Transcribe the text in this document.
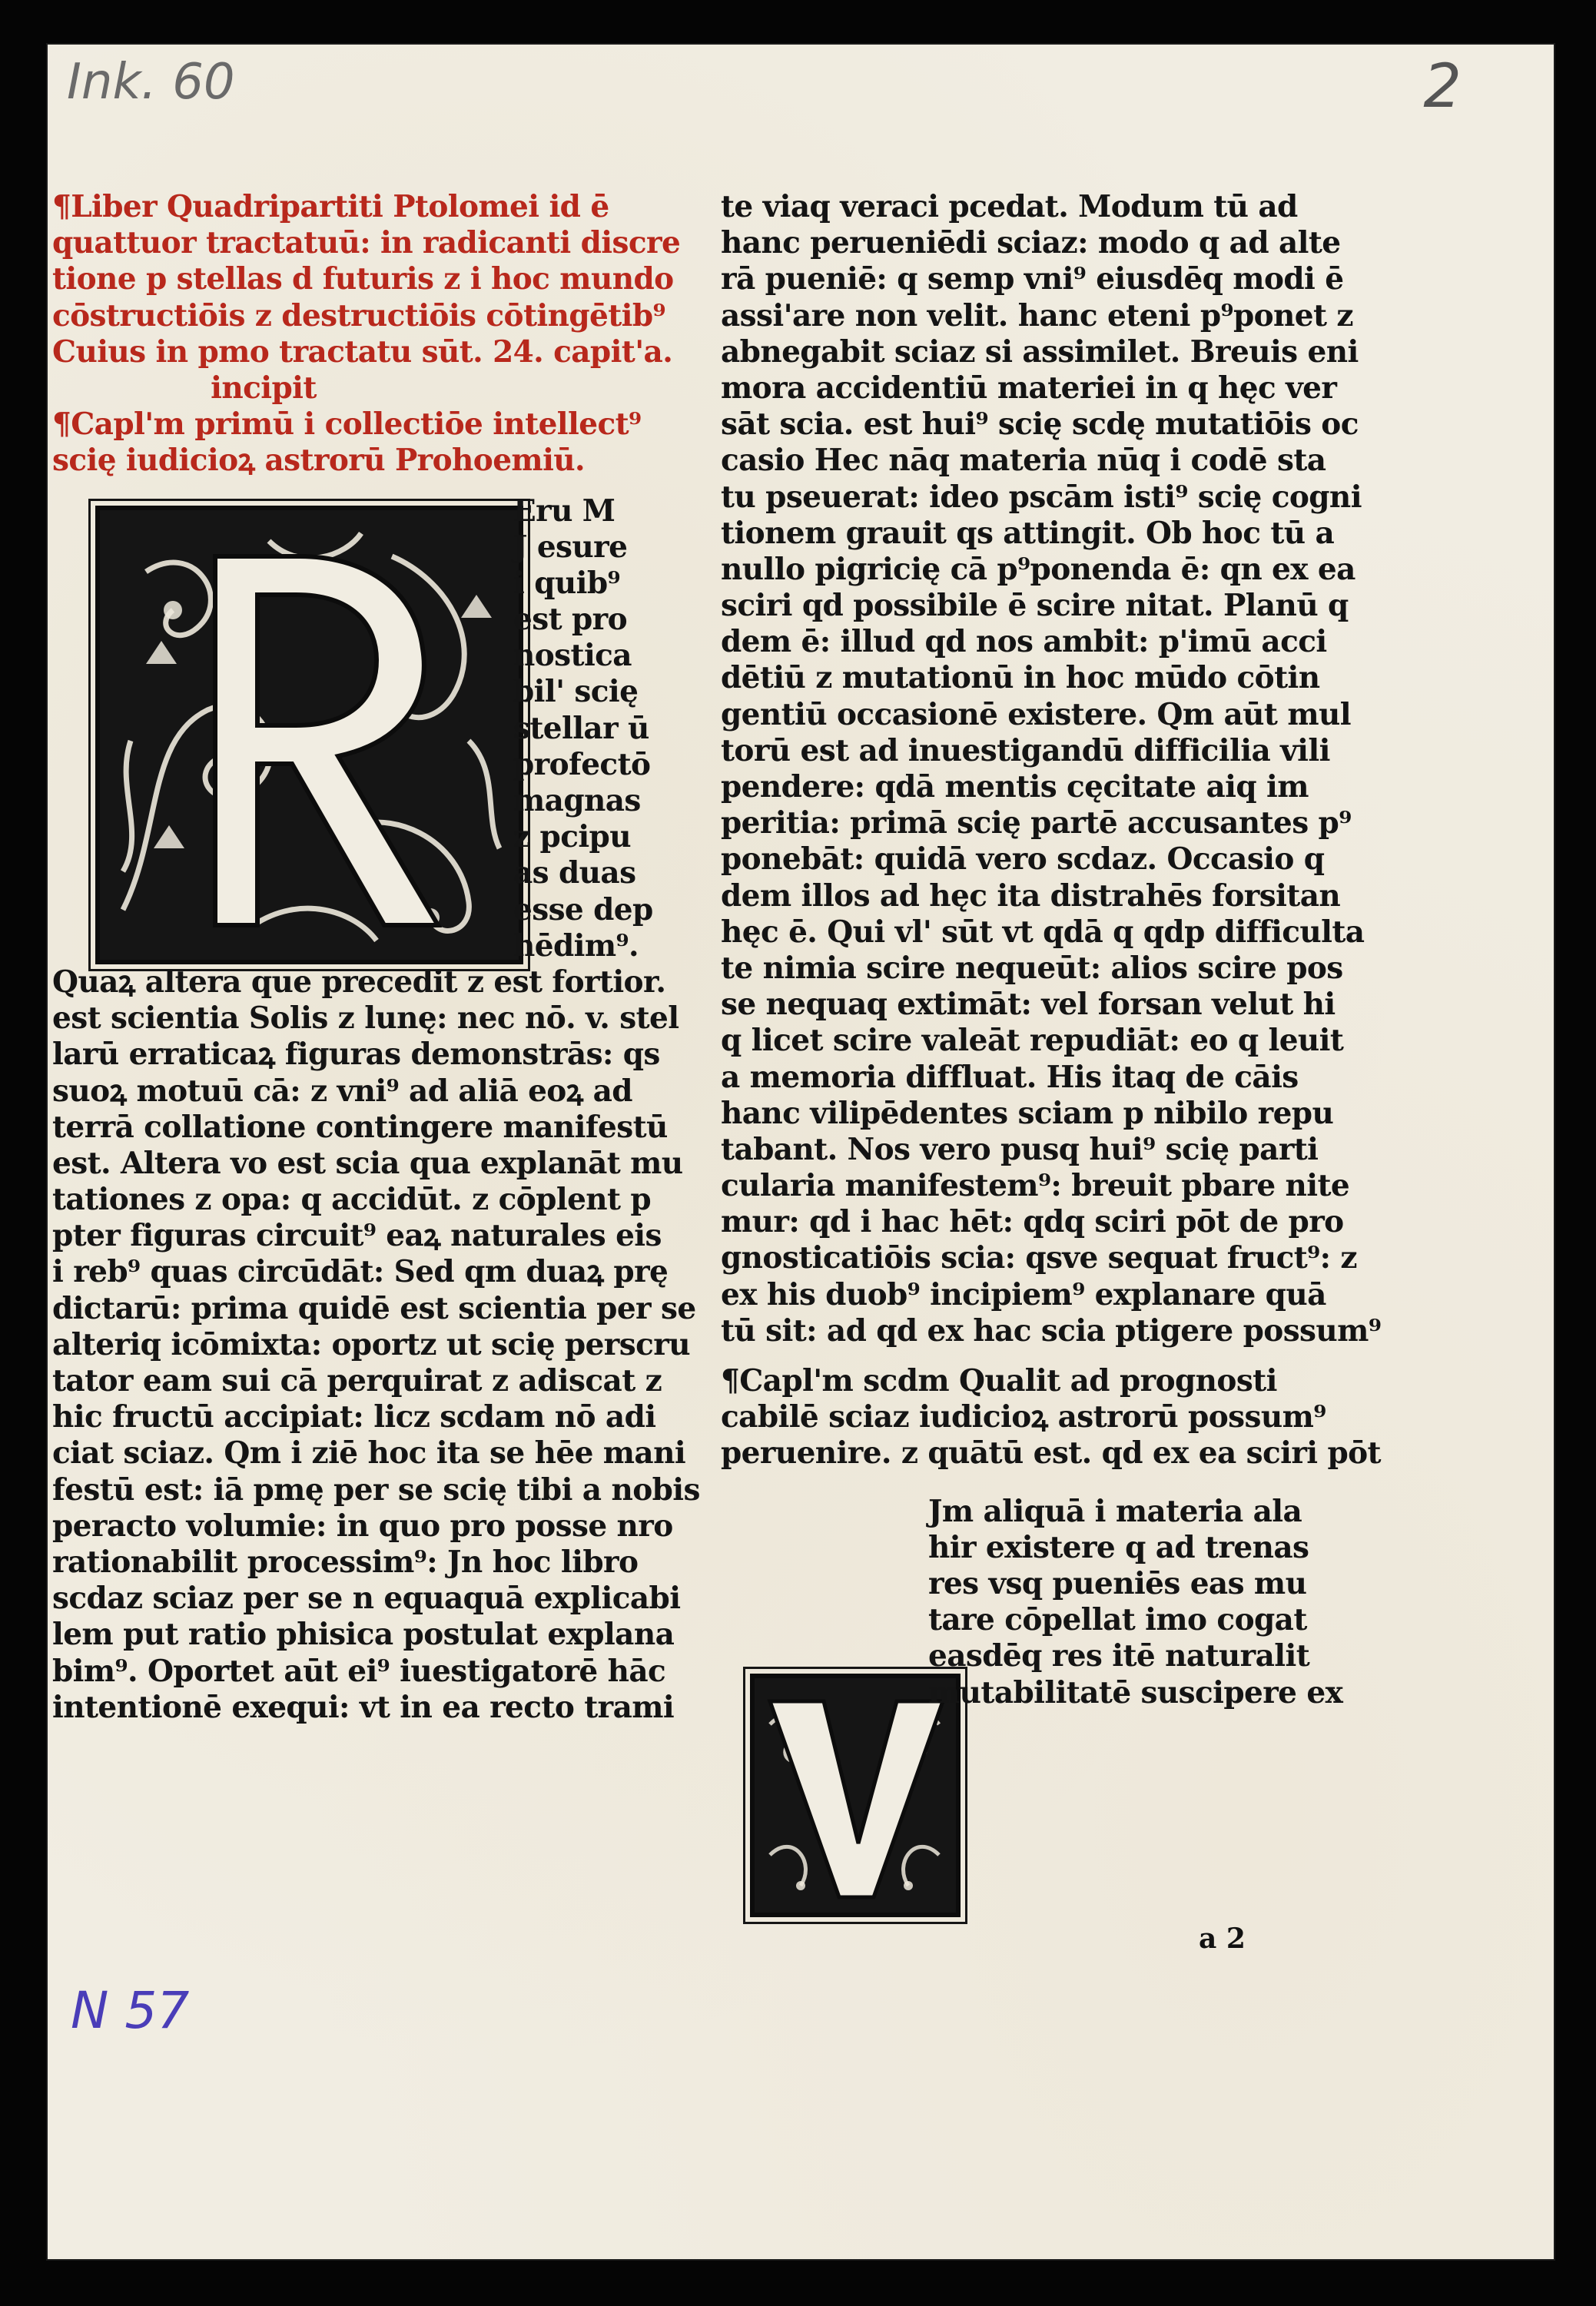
Ink. 60	2
N 57
a 2
¶Liber Quadripartiti Ptolomei id ē
quattuor tractatuū: in radicanti discre
tione p stellas d futuris z i hoc mundo
cōstructiōis z destructiōis cōtingētib⁹
Cuius in pmo tractatu sūt. 24. capit'a.
incipit
¶Capl'm primū i collectiōe intellect⁹
scię iudicioꝝ astrorū Prohoemiū.
Eru M
J esure
i quib⁹
est pro
nostica
bil' scię
stellar ū
profectō
magnas
z pcipu
as duas
esse dep
hēdim⁹.
Quaꝝ altera que precedit z est fortior.
est scientia Solis z lunę: nec nō. v. stel
larū erraticaꝝ figuras demonstrās: qs
suoꝝ motuū cā: z vni⁹ ad aliā eoꝝ ad
terrā collatione contingere manifestū
est. Altera vo est scia qua explanāt mu
tationes z opa: q accidūt. z cōplent p
pter figuras circuit⁹ eaꝝ naturales eis
i reb⁹ quas circūdāt: Sed qm duaꝝ prę
dictarū: prima quidē est scientia per se
alteriq icōmixta: oportz ut scię perscru
tator eam sui cā perquirat z adiscat z
hic fructū accipiat: licz scdam nō adi
ciat sciaz. Qm i ziē hoc ita se hēe mani
festū est: iā pmę per se scię tibi a nobis
peracto volumie: in quo pro posse nro
rationabilit processim⁹: Jn hoc libro
scdaz sciaz per se n equaquā explicabi
lem put ratio phisica postulat explana
bim⁹. Oportet aūt ei⁹ iuestigatorē hāc
intentionē exequi: vt in ea recto trami
te viaq veraci pcedat. Modum tū ad
hanc perueniēdi sciaz: modo q ad alte
rā pueniē: q semp vni⁹ eiusdēq modi ē
assi'are non velit. hanc eteni p⁹ponet z
abnegabit sciaz si assimilet. Breuis eni
mora accidentiū materiei in q hęc ver
sāt scia. est hui⁹ scię scdę mutatiōis oc
casio Hec nāq materia nūq i codē sta
tu pseuerat: ideo pscām isti⁹ scię cogni
tionem grauit qs attingit. Ob hoc tū a
nullo pigricię cā p⁹ponenda ē: qn ex ea
sciri qd possibile ē scire nitat. Planū q
dem ē: illud qd nos ambit: p'imū acci
dētiū z mutationū in hoc mūdo cōtin
gentiū occasionē existere. Qm aūt mul
torū est ad inuestigandū difficilia vili
pendere: qdā mentis cęcitate aiq im
peritia: primā scię partē accusantes p⁹
ponebāt: quidā vero scdaz. Occasio q
dem illos ad hęc ita distrahēs forsitan
hęc ē. Qui vl' sūt vt qdā q qdp difficulta
te nimia scire nequeūt: alios scire pos
se nequaq extimāt: vel forsan velut hi
q licet scire valeāt repudiāt: eo q leuit
a memoria diffluat. His itaq de cāis
hanc vilipēdentes sciam p nibilo repu
tabant. Nos vero pusq hui⁹ scię parti
cularia manifestem⁹: breuit pbare nite
mur: qd i hac hēt: qdq sciri pōt de pro
gnosticatiōis scia: qsve sequat fruct⁹: z
ex his duob⁹ incipiem⁹ explanare quā
tū sit: ad qd ex hac scia ptigere possum⁹
¶Capl'm scdm Qualit ad prognosti
cabilē sciaz iudicioꝝ astrorū possum⁹
peruenire. z quātū est. qd ex ea sciri pōt
Jm aliquā i materia ala
hir existere q ad trenas
res vsq pueniēs eas mu
tare cōpellat imo cogat
easdēq res itē naturalit
mutabilitatē suscipere ex
